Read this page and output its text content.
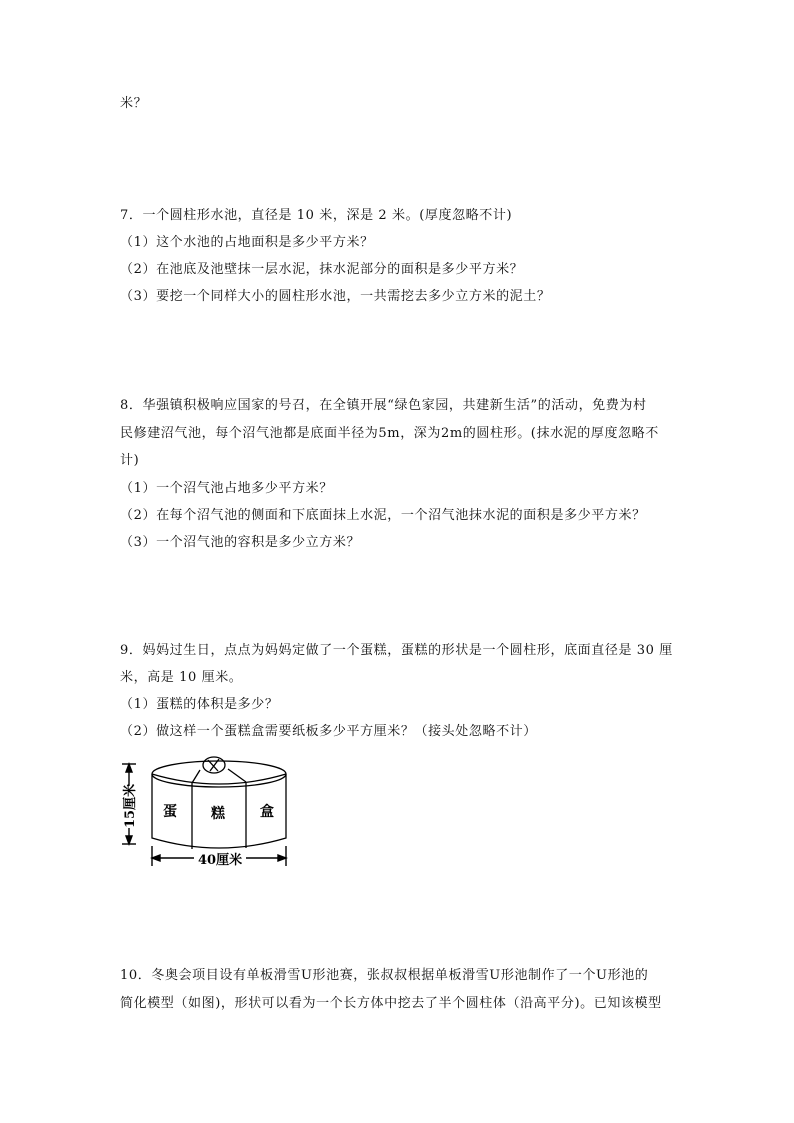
米？
7．一个圆柱形水池，直径是 10 米，深是 2 米。(厚度忽略不计)
（1）这个水池的占地面积是多少平方米？
（2）在池底及池壁抹一层水泥，抹水泥部分的面积是多少平方米？
（3）要挖一个同样大小的圆柱形水池，一共需挖去多少立方米的泥土？
8．华强镇积极响应国家的号召，在全镇开展“绿色家园，共建新生活”的活动，免费为村
民修建沼气池，每个沼气池都是底面半径为5m，深为2m的圆柱形。(抹水泥的厚度忽略不
计)
（1）一个沼气池占地多少平方米？
（2）在每个沼气池的侧面和下底面抹上水泥，一个沼气池抹水泥的面积是多少平方米？
（3）一个沼气池的容积是多少立方米？
9．妈妈过生日，点点为妈妈定做了一个蛋糕，蛋糕的形状是一个圆柱形，底面直径是 30 厘
米，高是 10 厘米。
（1）蛋糕的体积是多少？
（2）做这样一个蛋糕盒需要纸板多少平方厘米？（接头处忽略不计）
15厘米 蛋 糕	盒
40厘米
10．冬奥会项目设有单板滑雪U形池赛，张叔叔根据单板滑雪U形池制作了一个U形池的
简化模型（如图)，形状可以看为一个长方体中挖去了半个圆柱体（沿高平分)。已知该模型
